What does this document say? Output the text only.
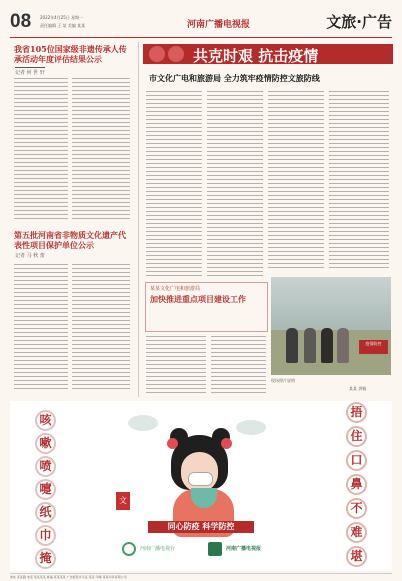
08 2022年4月25日 星期一
责任编辑 王 某 美编 某某	河南广播电视报	文旅·广告
我省105位国家级非遗传承人传承活动年度评估结果公示
记者 何 世 轩
第五批河南省非物质文化遗产代表性项目保护单位公示
记者 马 秋 蕾
共克时艰 抗击疫情
市文化广电和旅游局 全力筑牢疫情防控文旅防线
某某文化广电和旅游局
加快推进重点项目建设工作
疫情防控
现场照片说明
某某 供稿
咳
嗽
喷
嚏
纸
巾
掩
捂
住
口
鼻
不
难
堪
文
同心防疫 科学防控
河南广播电视台	河南广播电视报
地址 某某路 电话 某某某某 邮编 某某某某 广告经营许可证 某某 印刷 某某印务有限公司
